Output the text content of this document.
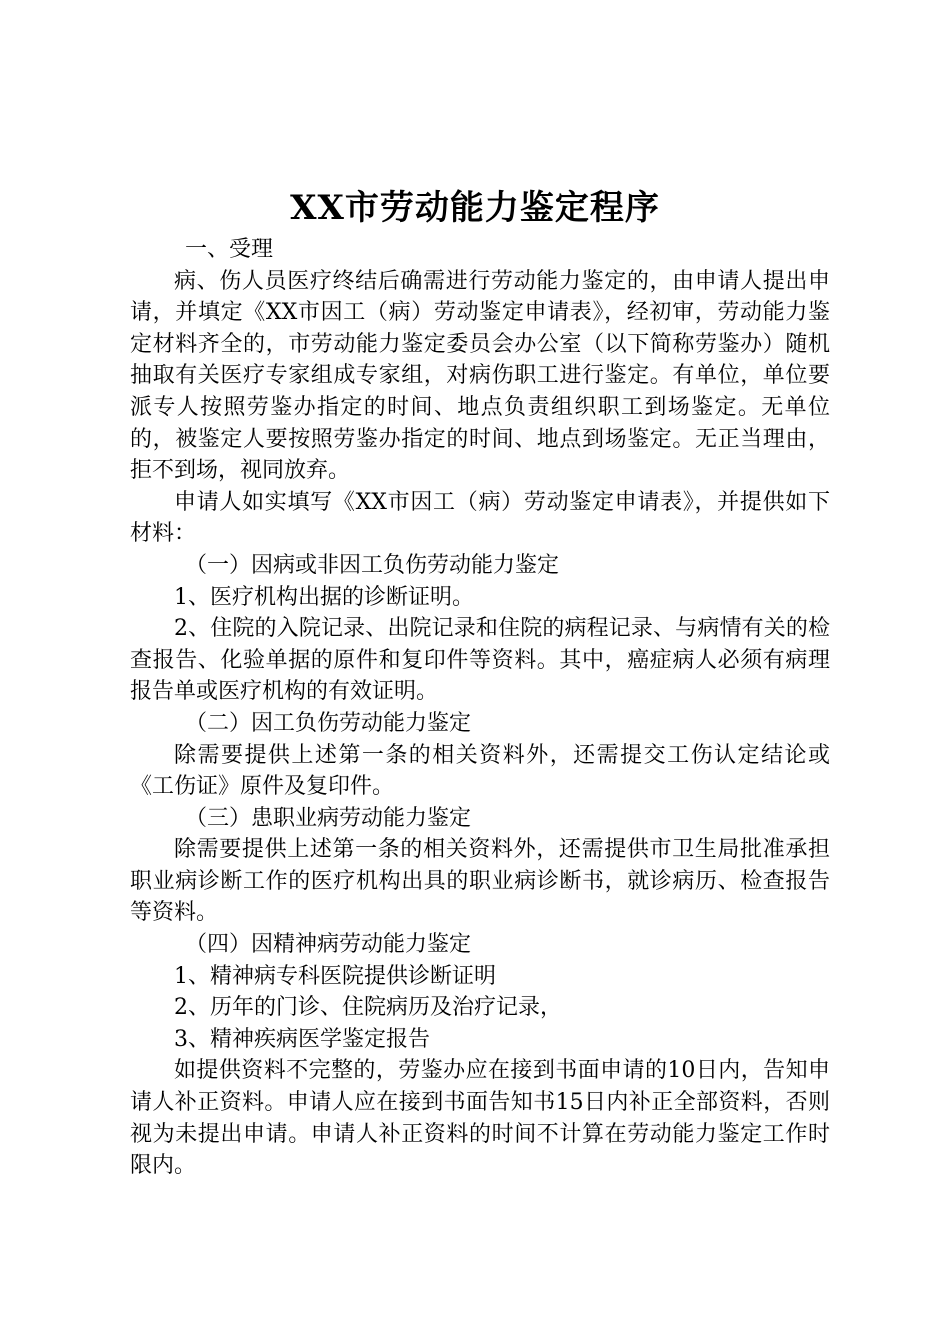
XX市劳动能力鉴定程序

一、受理

病、伤人员医疗终结后确需进行劳动能力鉴定的，由申请人提出申请，并填定《XX市因工（病）劳动鉴定申请表》，经初审，劳动能力鉴定材料齐全的，市劳动能力鉴定委员会办公室（以下简称劳鉴办）随机抽取有关医疗专家组成专家组，对病伤职工进行鉴定。有单位，单位要派专人按照劳鉴办指定的时间、地点负责组织职工到场鉴定。无单位的，被鉴定人要按照劳鉴办指定的时间、地点到场鉴定。无正当理由，拒不到场，视同放弃。

申请人如实填写《XX市因工（病）劳动鉴定申请表》，并提供如下材料：

（一）因病或非因工负伤劳动能力鉴定

1、医疗机构出据的诊断证明。

2、住院的入院记录、出院记录和住院的病程记录、与病情有关的检查报告、化验单据的原件和复印件等资料。其中，癌症病人必须有病理报告单或医疗机构的有效证明。

（二）因工负伤劳动能力鉴定

除需要提供上述第一条的相关资料外，还需提交工伤认定结论或《工伤证》原件及复印件。

（三）患职业病劳动能力鉴定

除需要提供上述第一条的相关资料外，还需提供市卫生局批准承担职业病诊断工作的医疗机构出具的职业病诊断书，就诊病历、检查报告等资料。

（四）因精神病劳动能力鉴定

1、精神病专科医院提供诊断证明

2、历年的门诊、住院病历及治疗记录，

3、精神疾病医学鉴定报告

如提供资料不完整的，劳鉴办应在接到书面申请的10日内，告知申请人补正资料。申请人应在接到书面告知书15日内补正全部资料，否则视为未提出申请。申请人补正资料的时间不计算在劳动能力鉴定工作时限内。
